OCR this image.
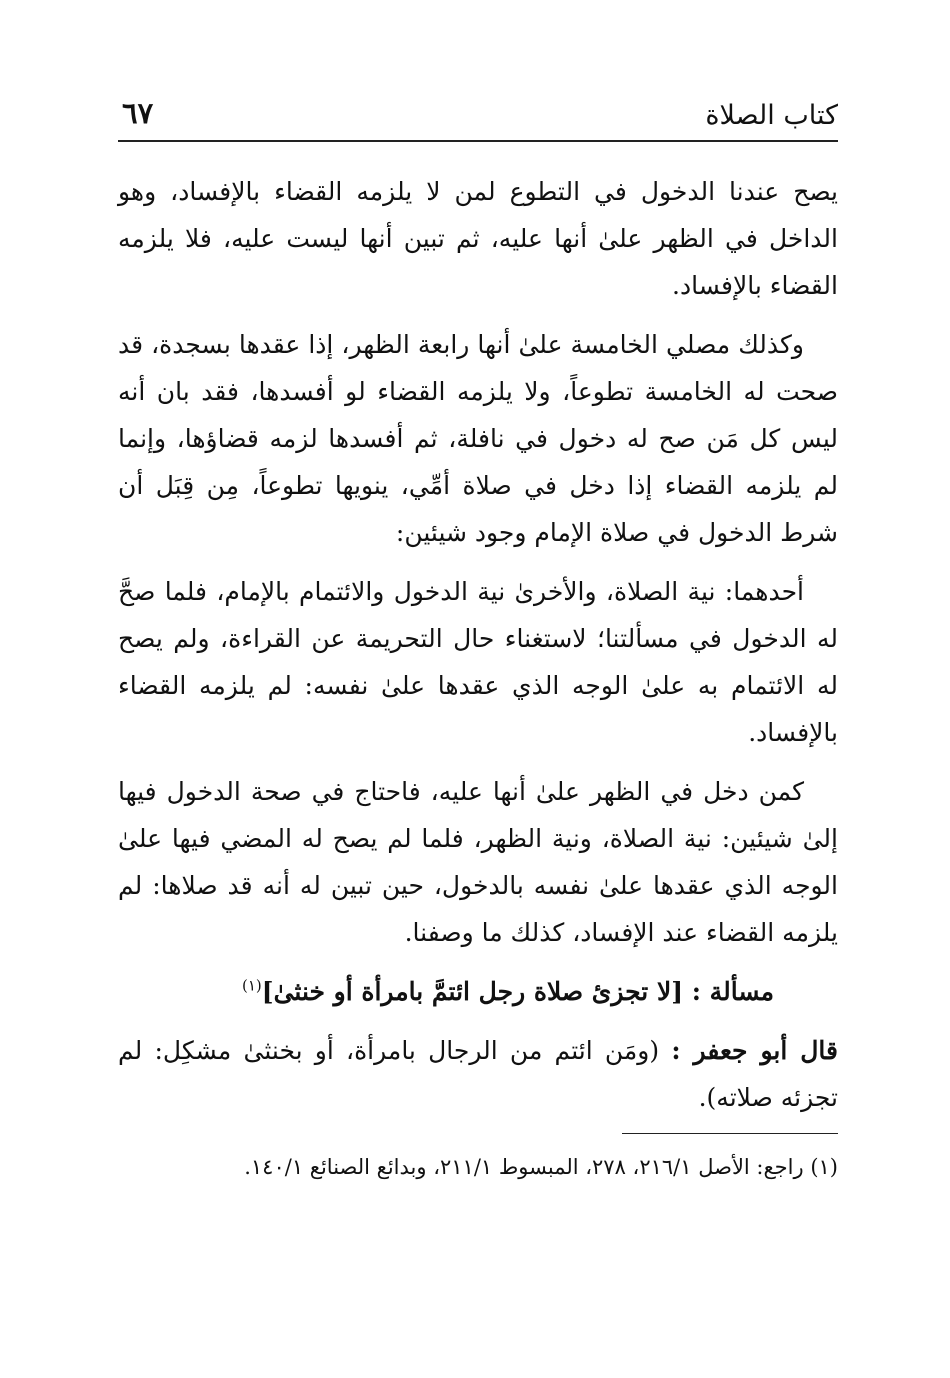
كتاب الصلاة
٦٧

يصح عندنا الدخول في التطوع لمن لا يلزمه القضاء بالإفساد، وهو الداخل في الظهر علىٰ أنها عليه، ثم تبين أنها ليست عليه، فلا يلزمه القضاء بالإفساد.

وكذلك مصلي الخامسة علىٰ أنها رابعة الظهر، إذا عقدها بسجدة، قد صحت له الخامسة تطوعاً، ولا يلزمه القضاء لو أفسدها، فقد بان أنه ليس كل مَن صح له دخول في نافلة، ثم أفسدها لزمه قضاؤها، وإنما لم يلزمه القضاء إذا دخل في صلاة أمِّي، ينويها تطوعاً، مِن قِبَل أن شرط الدخول في صلاة الإمام وجود شيئين:

أحدهما: نية الصلاة، والأخرىٰ نية الدخول والائتمام بالإمام، فلما صحَّ له الدخول في مسألتنا؛ لاستغناء حال التحريمة عن القراءة، ولم يصح له الائتمام به علىٰ الوجه الذي عقدها علىٰ نفسه: لم يلزمه القضاء بالإفساد.

كمن دخل في الظهر علىٰ أنها عليه، فاحتاج في صحة الدخول فيها إلىٰ شيئين: نية الصلاة، ونية الظهر، فلما لم يصح له المضي فيها علىٰ الوجه الذي عقدها علىٰ نفسه بالدخول، حين تبين له أنه قد صلاها: لم يلزمه القضاء عند الإفساد، كذلك ما وصفنا.

مسألة : [لا تجزئ صلاة رجل ائتمَّ بامرأة أو خنثىٰ]$^{(١)}$

قال أبو جعفر : (ومَن ائتم من الرجال بامرأة، أو بخنثىٰ مشكِل: لم تجزئه صلاته).

(١) راجع: الأصل ٢١٦/١، ٢٧٨، المبسوط ٢١١/١، وبدائع الصنائع ١٤٠/١.
